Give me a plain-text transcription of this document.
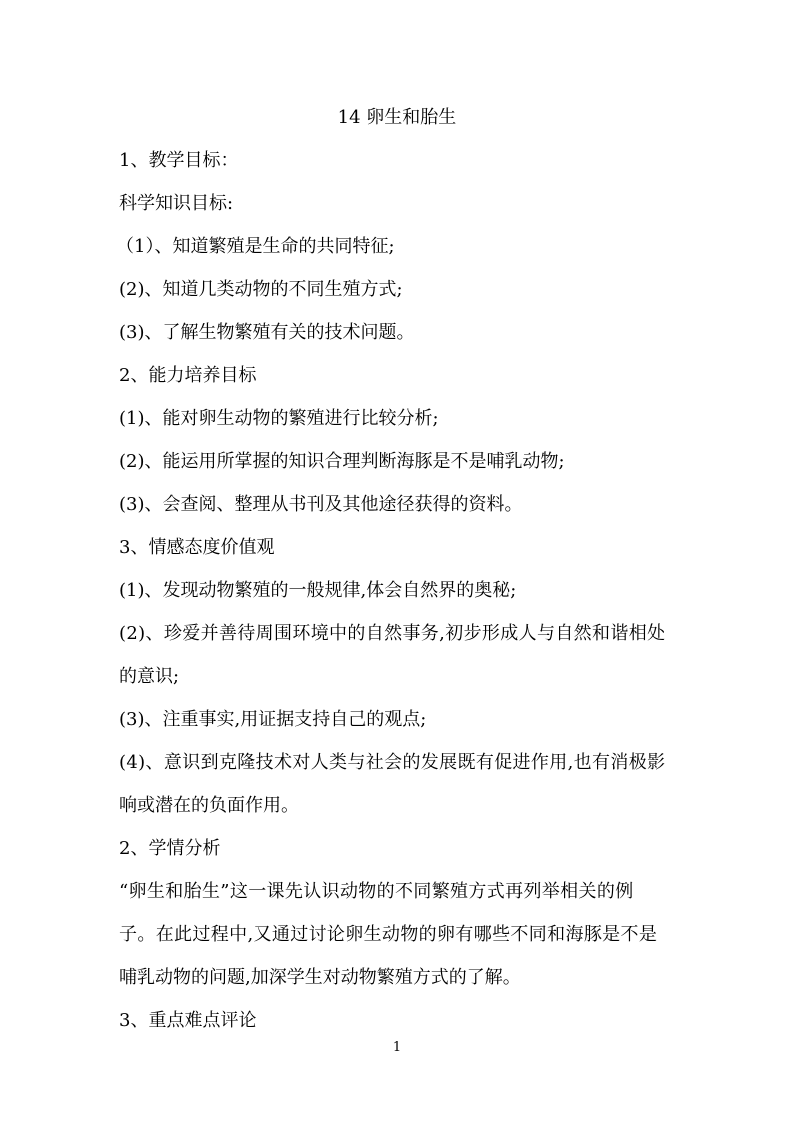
14 卵生和胎生
1、教学目标：
科学知识目标:
（1）、知道繁殖是生命的共同特征;
(2)、知道几类动物的不同生殖方式;
(3)、了解生物繁殖有关的技术问题。
2、能力培养目标
(1)、能对卵生动物的繁殖进行比较分析;
(2)、能运用所掌握的知识合理判断海豚是不是哺乳动物;
(3)、会查阅、整理从书刊及其他途径获得的资料。
3、情感态度价值观
(1)、发现动物繁殖的一般规律,体会自然界的奥秘;
(2)、珍爱并善待周围环境中的自然事务,初步形成人与自然和谐相处
的意识;
(3)、注重事实,用证据支持自己的观点;
(4)、意识到克隆技术对人类与社会的发展既有促进作用,也有消极影
响或潜在的负面作用。
2、学情分析
“卵生和胎生”这一课先认识动物的不同繁殖方式再列举相关的例
子。在此过程中,又通过讨论卵生动物的卵有哪些不同和海豚是不是
哺乳动物的问题,加深学生对动物繁殖方式的了解。
3、重点难点评论
1
